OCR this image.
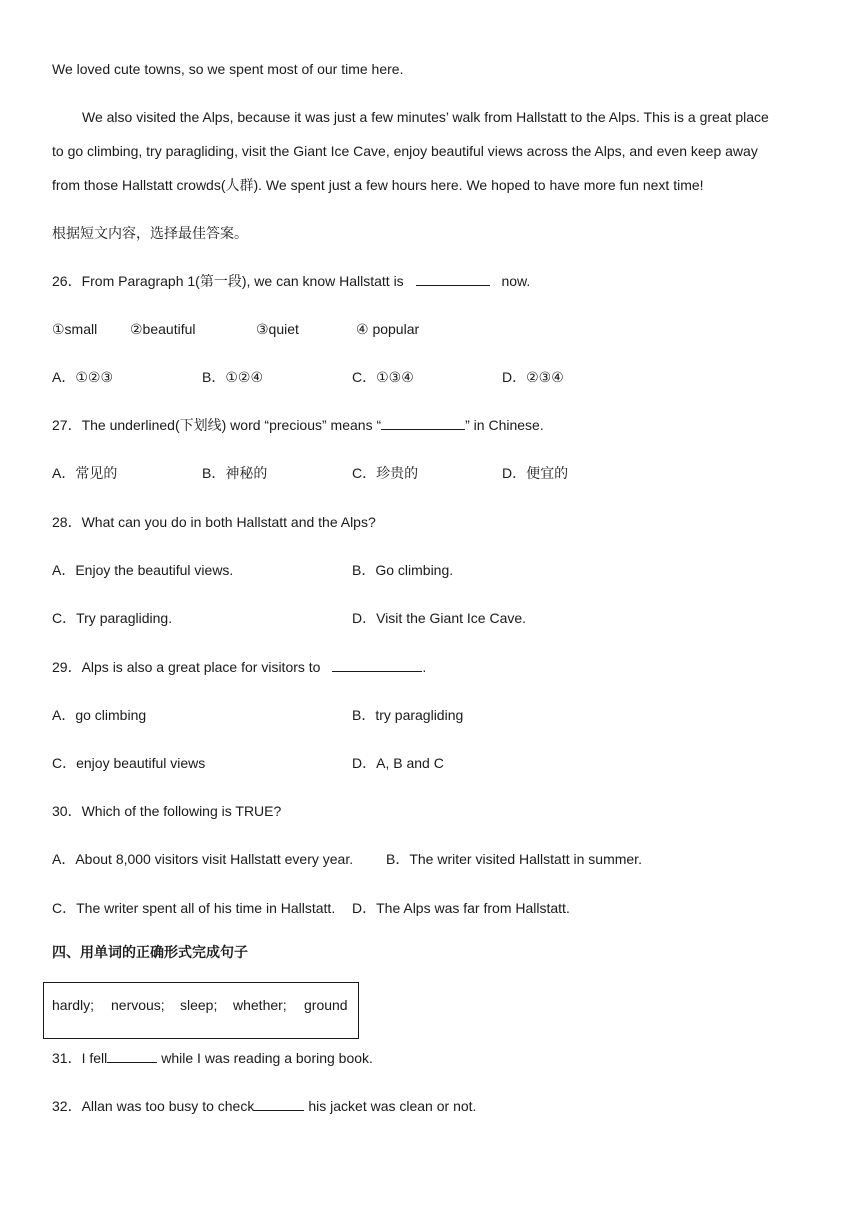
We loved cute towns, so we spent most of our time here.
We also visited the Alps, because it was just a few minutes’ walk from Hallstatt to the Alps. This is a great place
to go climbing, try paragliding, visit the Giant Ice Cave, enjoy beautiful views across the Alps, and even keep away
from those Hallstatt crowds(人群). We spent just a few hours here. We hoped to have more fun next time!
根据短文内容，选择最佳答案。
26．From Paragraph 1(第一段), we can know Hallstatt is	now.
①small ②beautiful	③quiet	④ popular
A．①②③	B．①②④	C．①③④	D．②③④
27．The underlined(下划线) word “precious” means “	” in Chinese.
A．常见的	B．神秘的	C．珍贵的	D．便宜的
28．What can you do in both Hallstatt and the Alps?
A．Enjoy the beautiful views.	B．Go climbing.
C．Try paragliding.	D．Visit the Giant Ice Cave.
29．Alps is also a great place for visitors to	.
A．go climbing	B．try paragliding
C．enjoy beautiful views	D．A, B and C
30．Which of the following is TRUE?
A．About 8,000 visitors visit Hallstatt every year. B．The writer visited Hallstatt in summer.
C．The writer spent all of his time in Hallstatt. D．The Alps was far from Hallstatt.
四、用单词的正确形式完成句子
hardly; nervous; sleep; whether; ground
31．I fell	while I was reading a boring book.
32．Allan was too busy to check	his jacket was clean or not.
